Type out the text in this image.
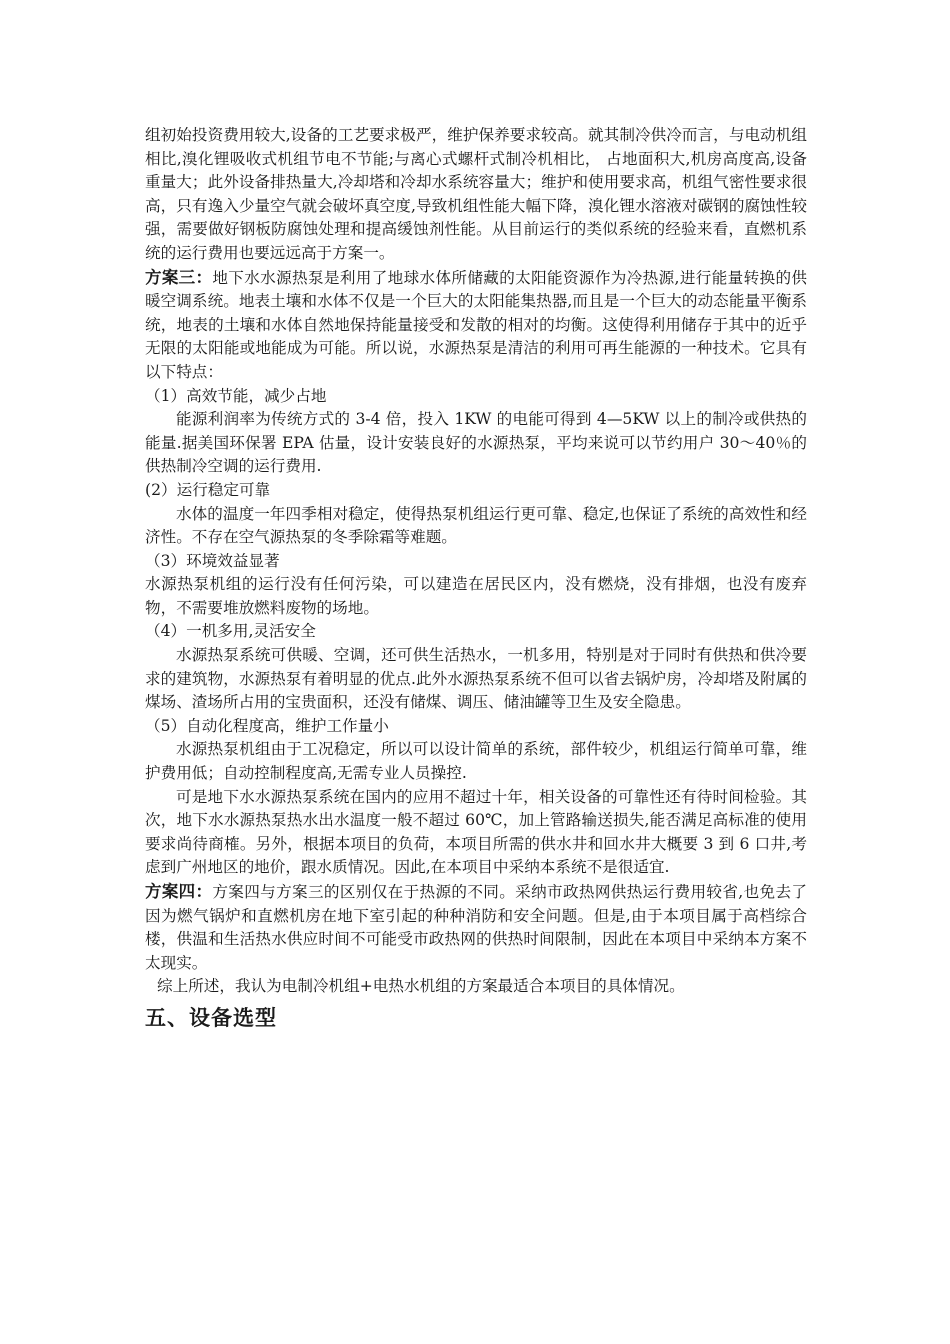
组初始投资费用较大,设备的工艺要求极严，维护保养要求较高。就其制冷供冷而言，与电动机组相比,溴化锂吸收式机组节电不节能;与离心式螺杆式制冷机相比， 占地面积大,机房高度高,设备重量大；此外设备排热量大,冷却塔和冷却水系统容量大；维护和使用要求高，机组气密性要求很高，只有逸入少量空气就会破坏真空度,导致机组性能大幅下降，溴化锂水溶液对碳钢的腐蚀性较强，需要做好钢板防腐蚀处理和提高缓蚀剂性能。从目前运行的类似系统的经验来看，直燃机系统的运行费用也要远远高于方案一。

方案三：地下水水源热泵是利用了地球水体所储藏的太阳能资源作为冷热源,进行能量转换的供暖空调系统。地表土壤和水体不仅是一个巨大的太阳能集热器,而且是一个巨大的动态能量平衡系统，地表的土壤和水体自然地保持能量接受和发散的相对的均衡。这使得利用储存于其中的近乎无限的太阳能或地能成为可能。所以说，水源热泵是清洁的利用可再生能源的一种技术。它具有以下特点：

（1）高效节能，减少占地

能源利润率为传统方式的 3-4 倍，投入 1KW 的电能可得到 4—5KW 以上的制冷或供热的能量.据美国环保署 EPA 估量，设计安装良好的水源热泵，平均来说可以节约用户 30～40％的供热制冷空调的运行费用.

(2）运行稳定可靠

水体的温度一年四季相对稳定，使得热泵机组运行更可靠、稳定,也保证了系统的高效性和经济性。不存在空气源热泵的冬季除霜等难题。

（3）环境效益显著

水源热泵机组的运行没有任何污染，可以建造在居民区内，没有燃烧，没有排烟，也没有废弃物，不需要堆放燃料废物的场地。

（4）一机多用,灵活安全

水源热泵系统可供暖、空调，还可供生活热水，一机多用，特别是对于同时有供热和供冷要求的建筑物，水源热泵有着明显的优点.此外水源热泵系统不但可以省去锅炉房，冷却塔及附属的煤场、渣场所占用的宝贵面积，还没有储煤、调压、储油罐等卫生及安全隐患。

（5）自动化程度高，维护工作量小

水源热泵机组由于工况稳定，所以可以设计简单的系统，部件较少，机组运行简单可靠，维护费用低；自动控制程度高,无需专业人员操控.

可是地下水水源热泵系统在国内的应用不超过十年，相关设备的可靠性还有待时间检验。其次，地下水水源热泵热水出水温度一般不超过 60℃，加上管路输送损失,能否满足高标准的使用要求尚待商榷。另外，根据本项目的负荷，本项目所需的供水井和回水井大概要 3 到 6 口井,考虑到广州地区的地价，跟水质情况。因此,在本项目中采纳本系统不是很适宜.

方案四：方案四与方案三的区别仅在于热源的不同。采纳市政热网供热运行费用较省,也免去了因为燃气锅炉和直燃机房在地下室引起的种种消防和安全问题。但是,由于本项目属于高档综合楼，供温和生活热水供应时间不可能受市政热网的供热时间限制，因此在本项目中采纳本方案不太现实。

综上所述，我认为电制冷机组+电热水机组的方案最适合本项目的具体情况。

五、设备选型
